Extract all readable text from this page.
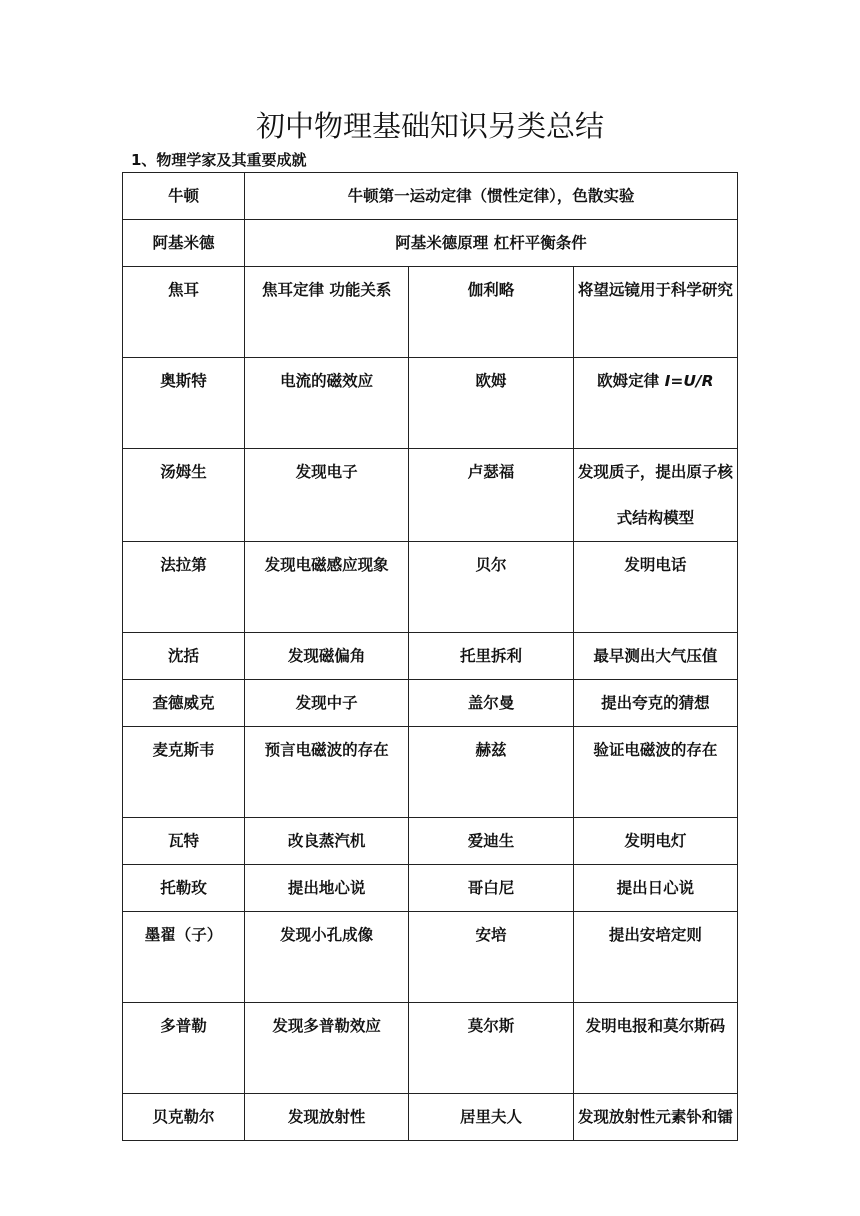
初中物理基础知识另类总结
1、物理学家及其重要成就
牛顿	牛顿第一运动定律（惯性定律），色散实验		
阿基米德	阿基米德原理 杠杆平衡条件		
焦耳	焦耳定律 功能关系	伽利略	将望远镜用于科学研究
奥斯特	电流的磁效应	欧姆	欧姆定律 I=U/R
汤姆生	发现电子	卢瑟福	发现质子，提出原子核式结构模型
法拉第	发现电磁感应现象	贝尔	发明电话
沈括	发现磁偏角	托里拆利	最早测出大气压值
查德威克	发现中子	盖尔曼	提出夸克的猜想
麦克斯韦	预言电磁波的存在	赫兹	验证电磁波的存在
瓦特	改良蒸汽机	爱迪生	发明电灯
托勒玫	提出地心说	哥白尼	提出日心说
墨翟（子）	发现小孔成像	安培	提出安培定则
多普勒	发现多普勒效应	莫尔斯	发明电报和莫尔斯码
贝克勒尔	发现放射性	居里夫人	发现放射性元素钋和镭
